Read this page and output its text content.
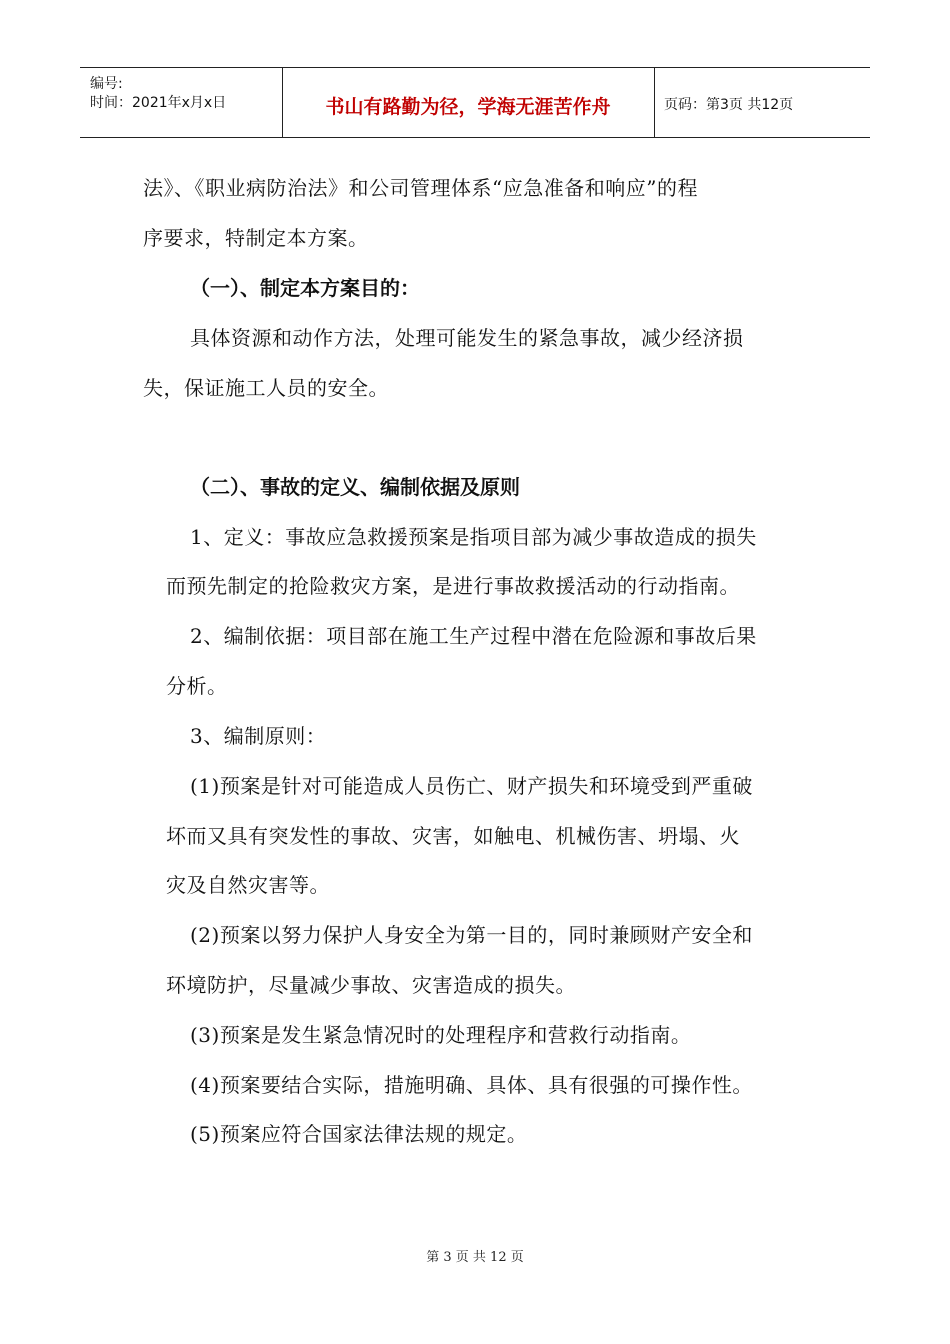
编号:
时间：2021年x月x日	书山有路勤为径，学海无涯苦作舟	页码：第3页 共12页
法》、《职业病防治法》和公司管理体系“应急准备和响应”的程
序要求，特制定本方案。
（一）、制定本方案目的：
具体资源和动作方法，处理可能发生的紧急事故，减少经济损
失，保证施工人员的安全。
（二）、事故的定义、编制依据及原则
1、定义：事故应急救援预案是指项目部为减少事故造成的损失
而预先制定的抢险救灾方案，是进行事故救援活动的行动指南。
2、编制依据：项目部在施工生产过程中潜在危险源和事故后果
分析。
3、编制原则：
(1)预案是针对可能造成人员伤亡、财产损失和环境受到严重破
坏而又具有突发性的事故、灾害，如触电、机械伤害、坍塌、火
灾及自然灾害等。
(2)预案以努力保护人身安全为第一目的，同时兼顾财产安全和
环境防护，尽量减少事故、灾害造成的损失。
(3)预案是发生紧急情况时的处理程序和营救行动指南。
(4)预案要结合实际，措施明确、具体、具有很强的可操作性。
(5)预案应符合国家法律法规的规定。
第 3 页 共 12 页
